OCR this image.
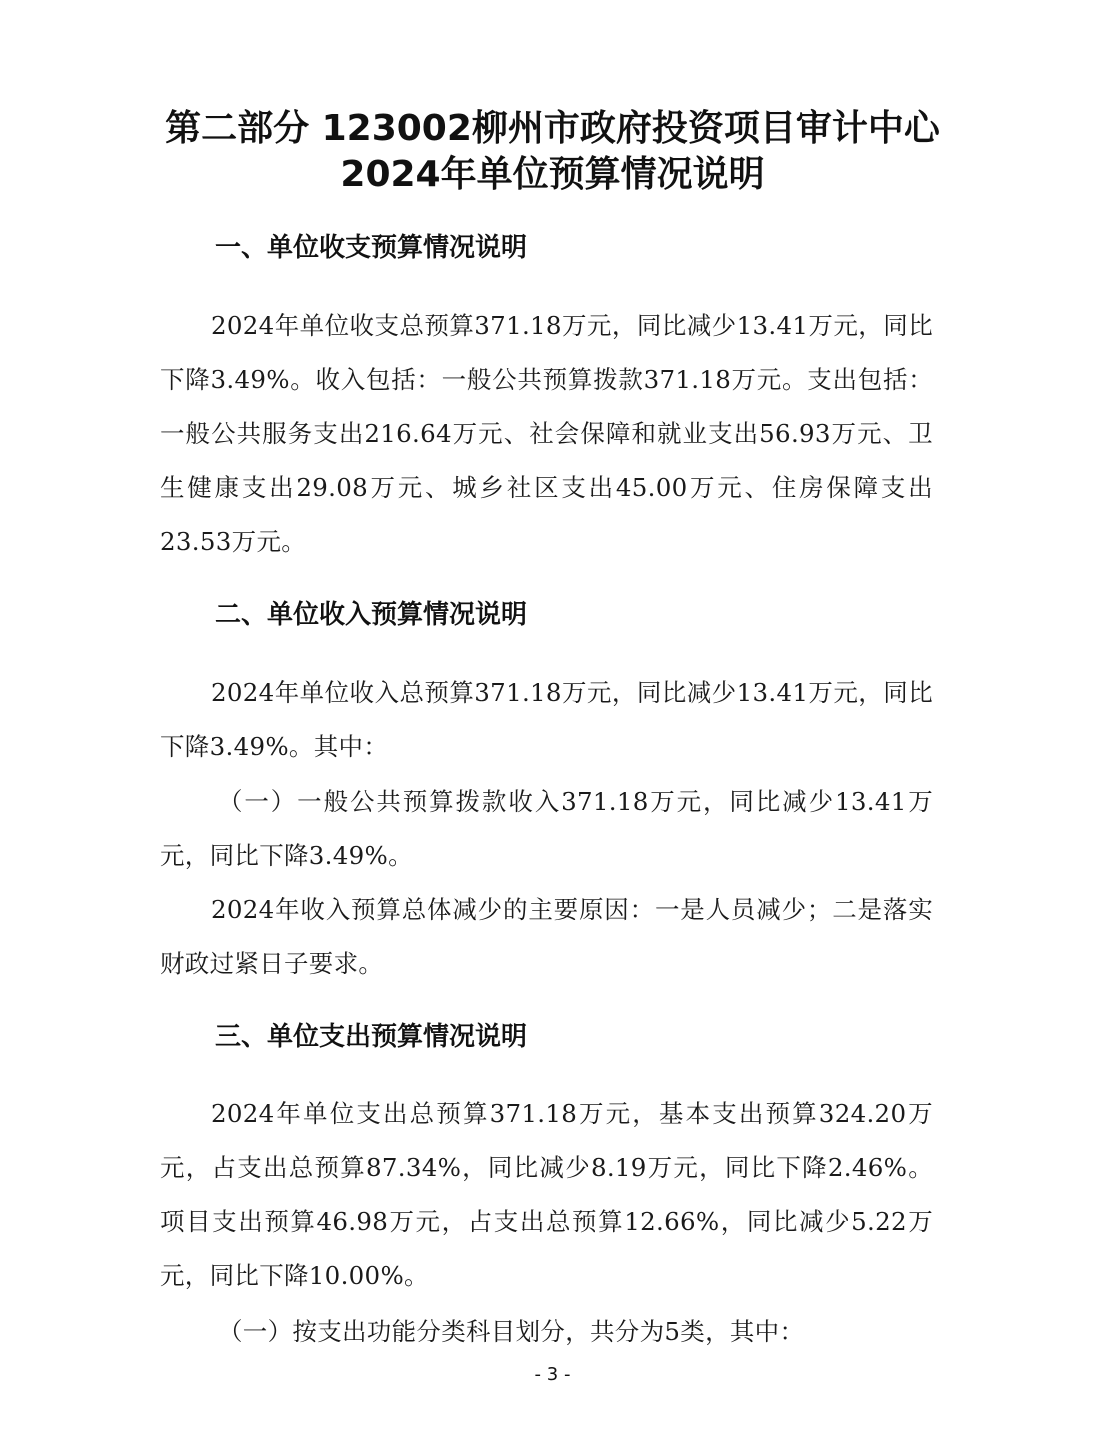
第二部分 123002柳州市政府投资项目审计中心2024年单位预算情况说明
一、单位收支预算情况说明

2024年单位收支总预算371.18万元，同比减少13.41万元，同比下降3.49%。收入包括：一般公共预算拨款371.18万元。支出包括：一般公共服务支出216.64万元、社会保障和就业支出56.93万元、卫生健康支出29.08万元、城乡社区支出45.00万元、住房保障支出23.53万元。

二、单位收入预算情况说明

2024年单位收入总预算371.18万元，同比减少13.41万元，同比下降3.49%。其中：

（一）一般公共预算拨款收入371.18万元，同比减少13.41万元，同比下降3.49%。

2024年收入预算总体减少的主要原因：一是人员减少；二是落实财政过紧日子要求。

三、单位支出预算情况说明

2024年单位支出总预算371.18万元，基本支出预算324.20万元，占支出总预算87.34%，同比减少8.19万元，同比下降2.46%。项目支出预算46.98万元，占支出总预算12.66%，同比减少5.22万元，同比下降10.00%。

（一）按支出功能分类科目划分，共分为5类，其中：

- 3 -
